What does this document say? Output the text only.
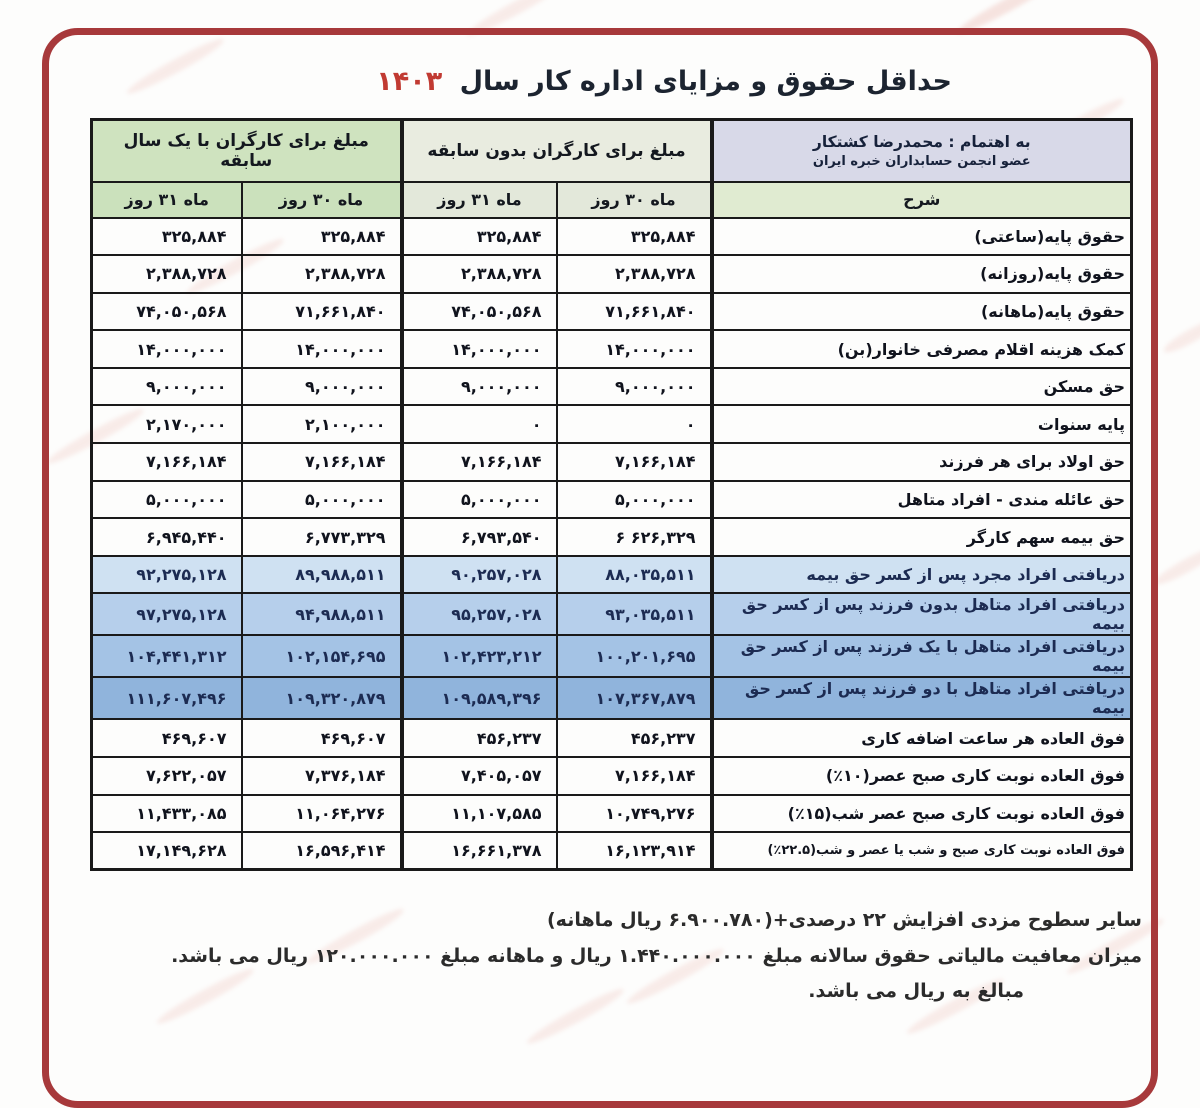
حداقل حقوق و مزایای اداره کار سال ۱۴۰۳
به اهتمام : محمدرضا کشتکار
عضو انجمن حسابداران خبره ایران	مبلغ برای کارگران بدون سابقه		مبلغ برای کارگران با یک سال سابقه	
شرح	ماه ۳۰ روز	ماه ۳۱ روز	ماه ۳۰ روز	ماه ۳۱ روز
حقوق پایه(ساعتی)	۳۲۵,۸۸۴	۳۲۵,۸۸۴	۳۲۵,۸۸۴	۳۲۵,۸۸۴
حقوق پایه(روزانه)	۲,۳۸۸,۷۲۸	۲,۳۸۸,۷۲۸	۲,۳۸۸,۷۲۸	۲,۳۸۸,۷۲۸
حقوق پایه(ماهانه)	۷۱,۶۶۱,۸۴۰	۷۴,۰۵۰,۵۶۸	۷۱,۶۶۱,۸۴۰	۷۴,۰۵۰,۵۶۸
کمک هزینه اقلام مصرفی خانوار(بن)	۱۴,۰۰۰,۰۰۰	۱۴,۰۰۰,۰۰۰	۱۴,۰۰۰,۰۰۰	۱۴,۰۰۰,۰۰۰
حق مسکن	۹,۰۰۰,۰۰۰	۹,۰۰۰,۰۰۰	۹,۰۰۰,۰۰۰	۹,۰۰۰,۰۰۰
پایه سنوات	۰	۰	۲,۱۰۰,۰۰۰	۲,۱۷۰,۰۰۰
حق اولاد برای هر فرزند	۷,۱۶۶,۱۸۴	۷,۱۶۶,۱۸۴	۷,۱۶۶,۱۸۴	۷,۱۶۶,۱۸۴
حق عائله مندی - افراد متاهل	۵,۰۰۰,۰۰۰	۵,۰۰۰,۰۰۰	۵,۰۰۰,۰۰۰	۵,۰۰۰,۰۰۰
حق بیمه سهم کارگر	۶ ۶۲۶,۳۲۹	۶,۷۹۳,۵۴۰	۶,۷۷۳,۳۲۹	۶,۹۴۵,۴۴۰
دریافتی افراد مجرد پس از کسر حق بیمه	۸۸,۰۳۵,۵۱۱	۹۰,۲۵۷,۰۲۸	۸۹,۹۸۸,۵۱۱	۹۲,۲۷۵,۱۲۸
دریافتی افراد متاهل بدون فرزند پس از کسر حق بیمه	۹۳,۰۳۵,۵۱۱	۹۵,۲۵۷,۰۲۸	۹۴,۹۸۸,۵۱۱	۹۷,۲۷۵,۱۲۸
دریافتی افراد متاهل با یک فرزند پس از کسر حق بیمه	۱۰۰,۲۰۱,۶۹۵	۱۰۲,۴۲۳,۲۱۲	۱۰۲,۱۵۴,۶۹۵	۱۰۴,۴۴۱,۳۱۲
دریافتی افراد متاهل با دو فرزند پس از کسر حق بیمه	۱۰۷,۳۶۷,۸۷۹	۱۰۹,۵۸۹,۳۹۶	۱۰۹,۳۲۰,۸۷۹	۱۱۱,۶۰۷,۴۹۶
فوق العاده هر ساعت اضافه کاری	۴۵۶,۲۳۷	۴۵۶,۲۳۷	۴۶۹,۶۰۷	۴۶۹,۶۰۷
فوق العاده نوبت کاری صبح عصر(۱۰٪)	۷,۱۶۶,۱۸۴	۷,۴۰۵,۰۵۷	۷,۳۷۶,۱۸۴	۷,۶۲۲,۰۵۷
فوق العاده نوبت کاری صبح عصر شب(۱۵٪)	۱۰,۷۴۹,۲۷۶	۱۱,۱۰۷,۵۸۵	۱۱,۰۶۴,۲۷۶	۱۱,۴۳۳,۰۸۵
فوق العاده نوبت کاری صبح و شب یا عصر و شب(۲۲.۵٪)	۱۶,۱۲۳,۹۱۴	۱۶,۶۶۱,۳۷۸	۱۶,۵۹۶,۴۱۴	۱۷,۱۴۹,۶۲۸
سایر سطوح مزدی افزایش ۲۲ درصدی+(۶.۹۰۰.۷۸۰ ریال ماهانه)
میزان معافیت مالیاتی حقوق سالانه مبلغ ۱.۴۴۰.۰۰۰.۰۰۰ ریال و ماهانه مبلغ ۱۲۰.۰۰۰.۰۰۰ ریال می باشد.
مبالغ به ریال می باشد.
